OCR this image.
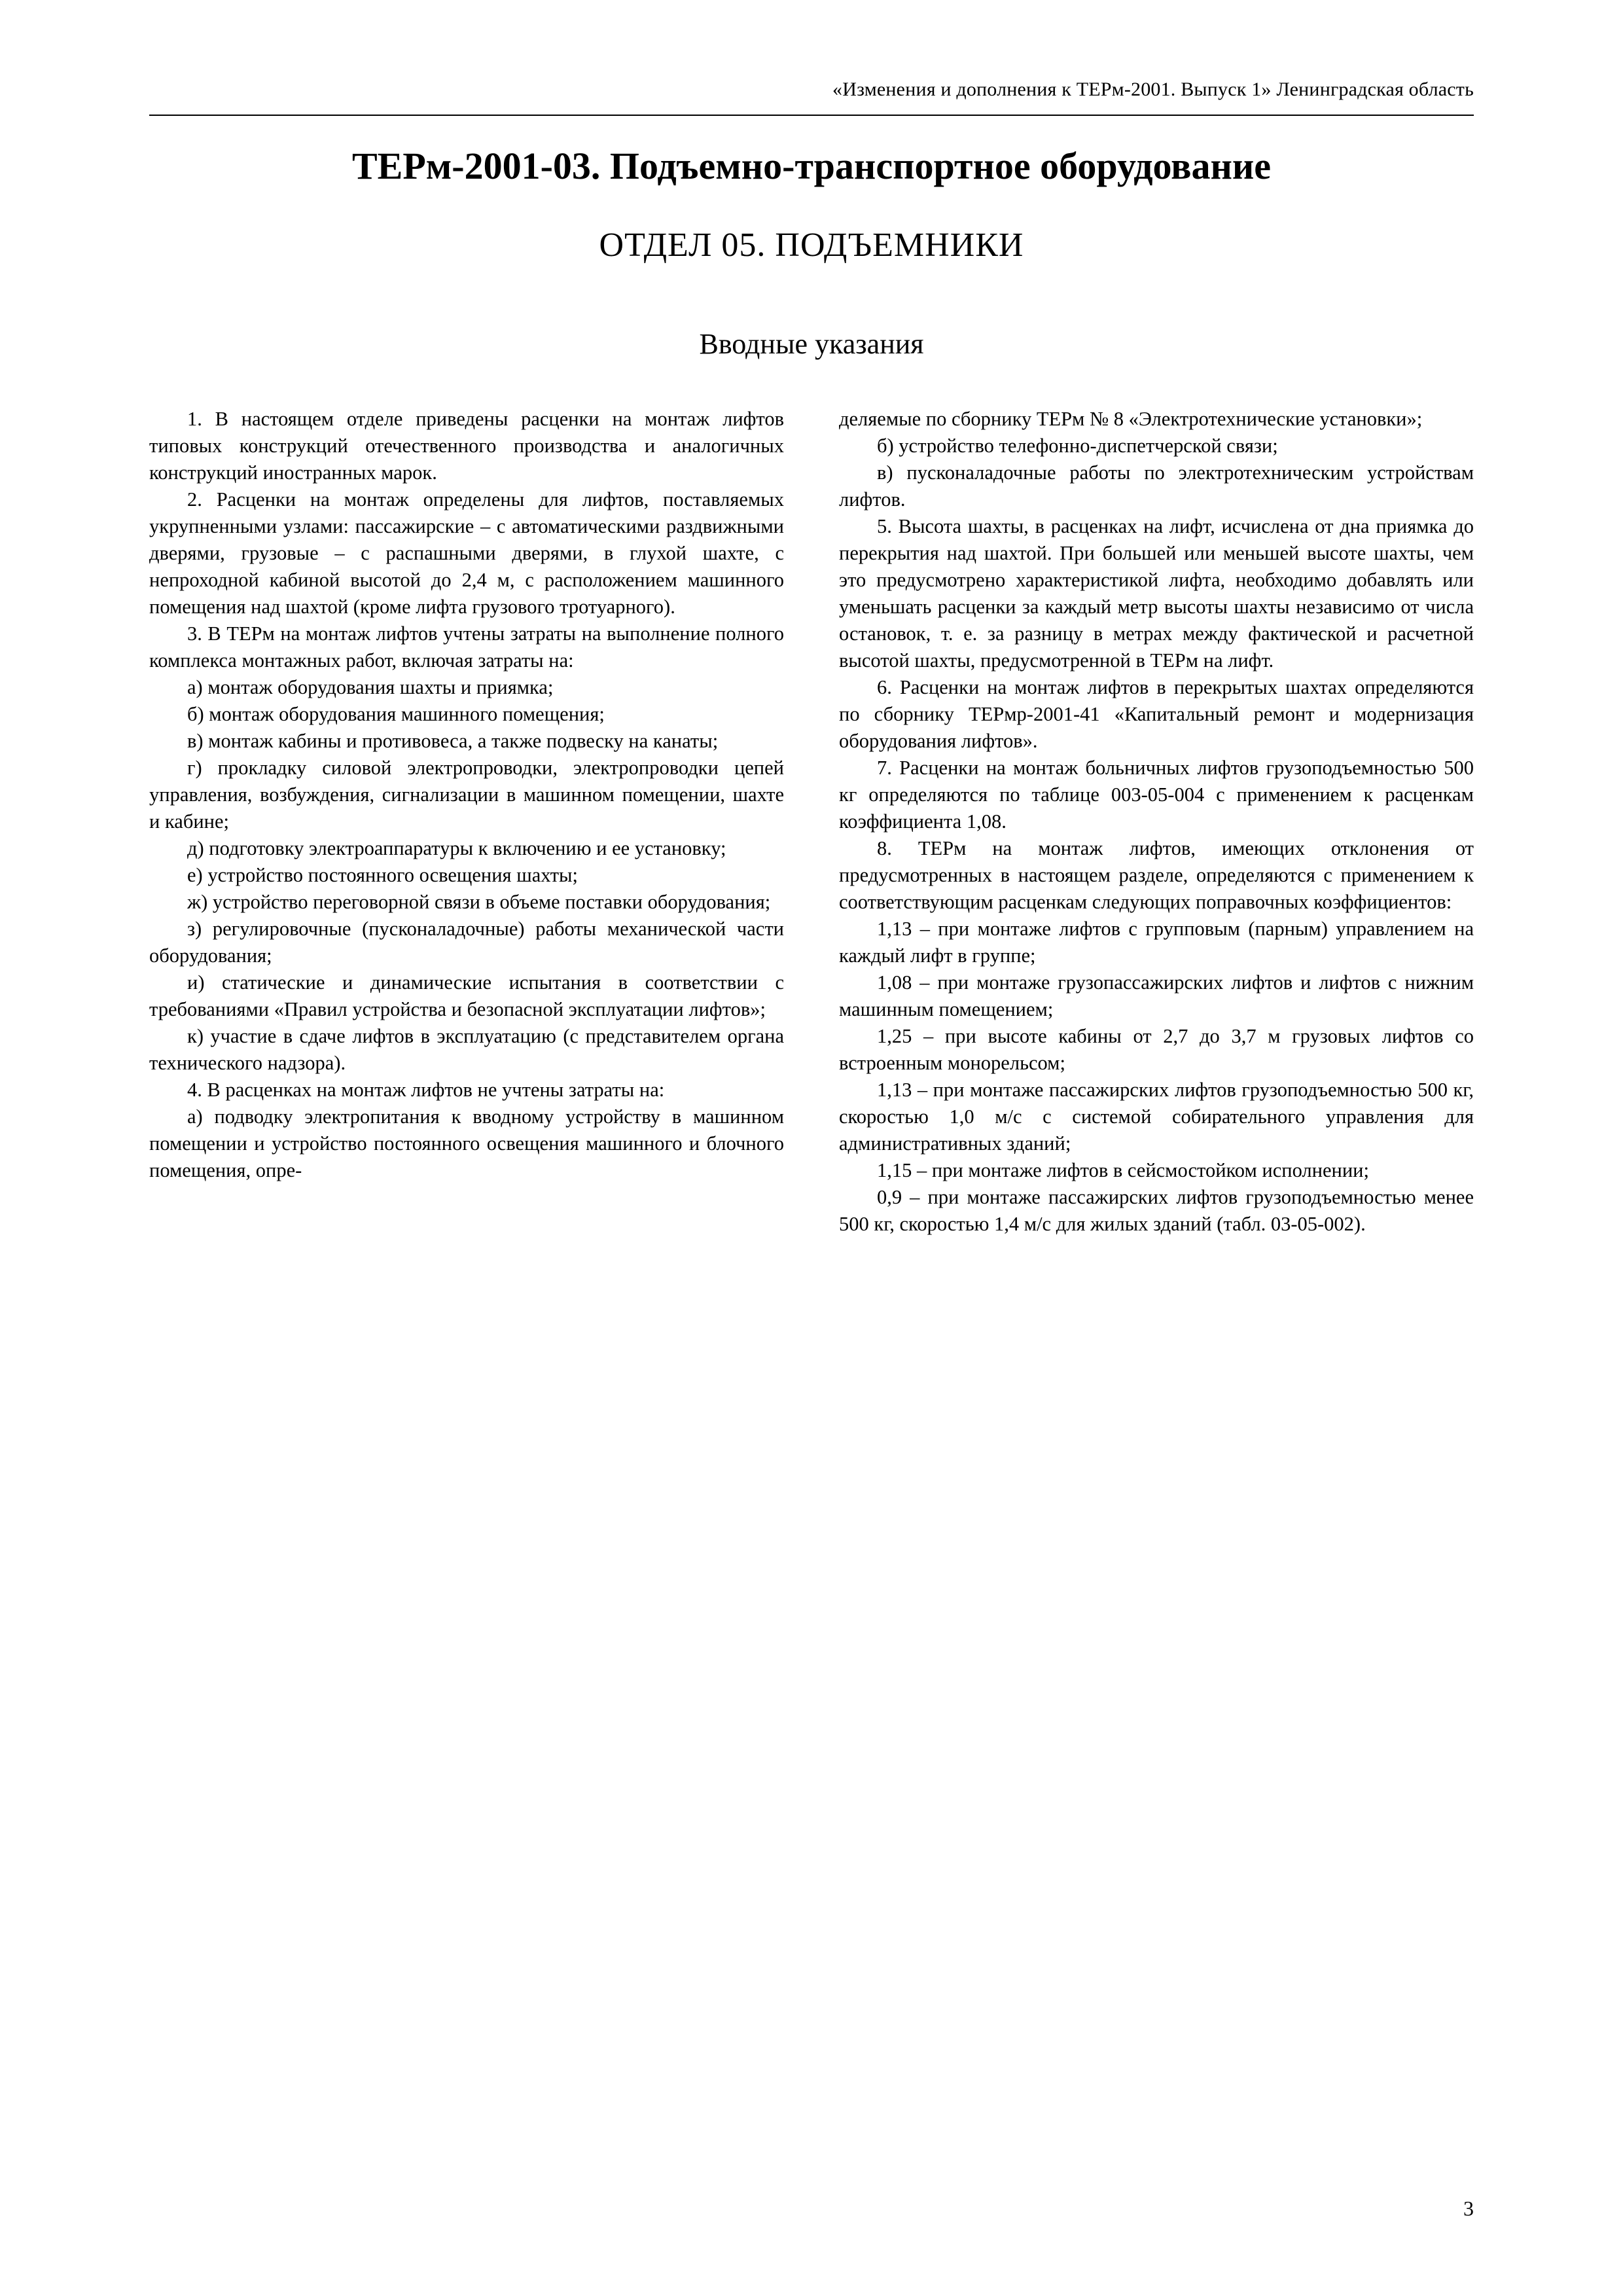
«Изменения и дополнения к ТЕРм-2001. Выпуск 1» Ленинградская область
ТЕРм-2001-03. Подъемно-транспортное оборудование
ОТДЕЛ 05. ПОДЪЕМНИКИ
Вводные указания

1. В настоящем отделе приведены расценки на монтаж лифтов типовых конструкций отечественного производства и аналогичных конструкций иностранных марок.

2. Расценки на монтаж определены для лифтов, поставляемых укрупненными узлами: пассажирские – с автоматическими раздвижными дверями, грузовые – с распашными дверями, в глухой шахте, с непроходной кабиной высотой до 2,4 м, с расположением машинного помещения над шахтой (кроме лифта грузового тротуарного).

3. В ТЕРм на монтаж лифтов учтены затраты на выполнение полного комплекса монтажных работ, включая затраты на:

а) монтаж оборудования шахты и приямка;

б) монтаж оборудования машинного помещения;

в) монтаж кабины и противовеса, а также подвеску на канаты;

г) прокладку силовой электропроводки, электропроводки цепей управления, возбуждения, сигнализации в машинном помещении, шахте и кабине;

д) подготовку электроаппаратуры к включению и ее установку;

е) устройство постоянного освещения шахты;

ж) устройство переговорной связи в объеме поставки оборудования;

з) регулировочные (пусконаладочные) работы механической части оборудования;

и) статические и динамические испытания в соответствии с требованиями «Правил устройства и безопасной эксплуатации лифтов»;

к) участие в сдаче лифтов в эксплуатацию (с представителем органа технического надзора).

4. В расценках на монтаж лифтов не учтены затраты на:

а) подводку электропитания к вводному устройству в машинном помещении и устройство постоянного освещения машинного и блочного помещения, опре-

деляемые по сборнику ТЕРм № 8 «Электротехнические установки»;

б) устройство телефонно-диспетчерской связи;

в) пусконаладочные работы по электротехническим устройствам лифтов.

5. Высота шахты, в расценках на лифт, исчислена от дна приямка до перекрытия над шахтой. При большей или меньшей высоте шахты, чем это предусмотрено характеристикой лифта, необходимо добавлять или уменьшать расценки за каждый метр высоты шахты независимо от числа остановок, т. е. за разницу в метрах между фактической и расчетной высотой шахты, предусмотренной в ТЕРм на лифт.

6. Расценки на монтаж лифтов в перекрытых шахтах определяются по сборнику ТЕРмр-2001-41 «Капитальный ремонт и модернизация оборудования лифтов».

7. Расценки на монтаж больничных лифтов грузоподъемностью 500 кг определяются по таблице 003-05-004 с применением к расценкам коэффициента 1,08.

8. ТЕРм на монтаж лифтов, имеющих отклонения от предусмотренных в настоящем разделе, определяются с применением к соответствующим расценкам следующих поправочных коэффициентов:

1,13 – при монтаже лифтов с групповым (парным) управлением на каждый лифт в группе;

1,08 – при монтаже грузопассажирских лифтов и лифтов с нижним машинным помещением;

1,25 – при высоте кабины от 2,7 до 3,7 м грузовых лифтов со встроенным монорельсом;

1,13 – при монтаже пассажирских лифтов грузоподъемностью 500 кг, скоростью 1,0 м/с с системой собирательного управления для административных зданий;

1,15 – при монтаже лифтов в сейсмостойком исполнении;

0,9 – при монтаже пассажирских лифтов грузоподъемностью менее 500 кг, скоростью 1,4 м/с для жилых зданий (табл. 03-05-002).

3
